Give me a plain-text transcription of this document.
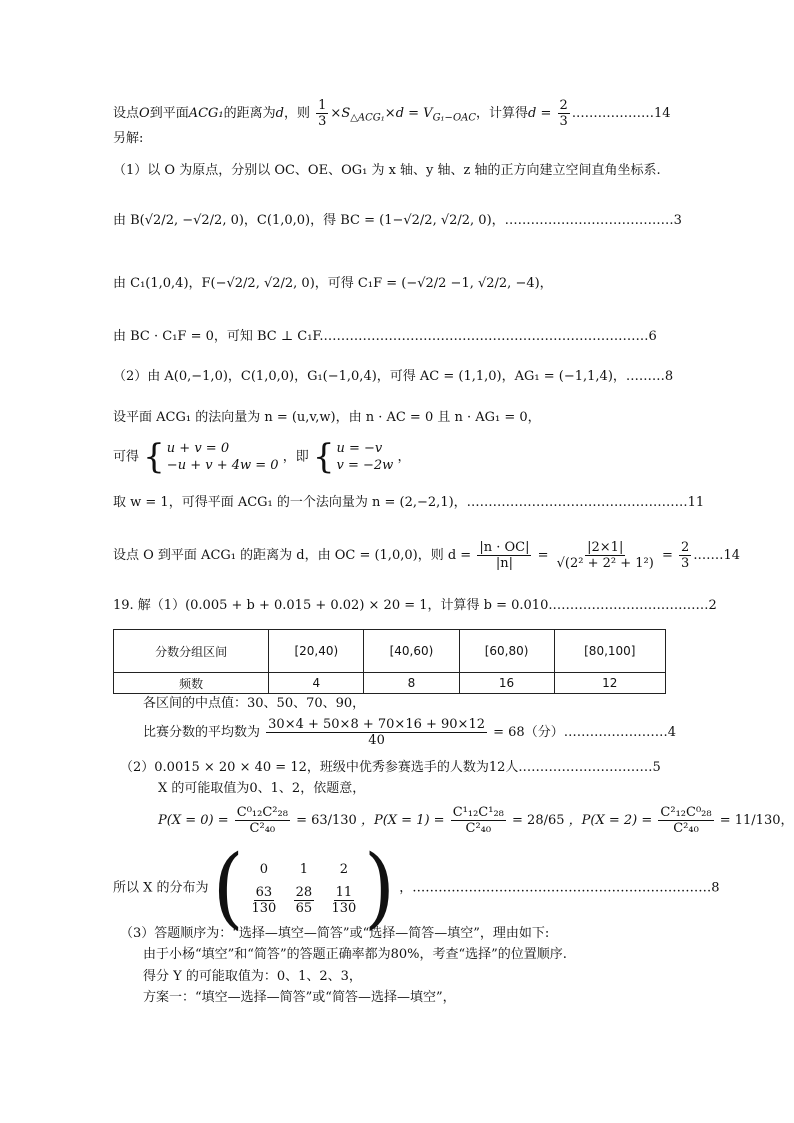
设点O到平面ACG₁的距离为d，则 $\frac{1}{3} \times S_{\triangle ACG_1}\times d = V_{G_1-OAC}$，计算得$d = \frac{2}{3}$ .………………14
另解:
（1）以 O 为原点，分别以 OC、OE、OG₁ 为 x 轴、y 轴、z 轴的正方向建立空间直角坐标系.
由 B(√2/2, −√2/2, 0)，C(1,0,0)，得 BC = (1−√2/2, √2/2, 0)，…………………………………3
由 C₁(1,0,4)，F(−√2/2, √2/2, 0)，可得 C₁F = (−√2/2 −1, √2/2, −4)，
由 BC · C₁F = 0，可知 BC ⊥ C₁F.…………………………………………………………………6
（2）由 A(0,−1,0)，C(1,0,0)，G₁(−1,0,4)，可得 AC = (1,1,0)，AG₁ = (−1,1,4)，………8
设平面 ACG₁ 的法向量为 n = (u,v,w)，由 n · AC = 0 且 n · AG₁ = 0，
可得 { u + v = 0
−u + v + 4w = 0
，即 { u = −v
v = −2w
，
取 w = 1，可得平面 ACG₁ 的一个法向量为 n = (2,−2,1)，……………………………………………11
设点 O 到平面 ACG₁ 的距离为 d，由 OC = (1,0,0)，则 $d = \frac{|n \cdot OC|}{|n|} = \frac{|2\times 1|}{\text{√(2² + 2² + 1²)}} = \frac{2}{3}$ .……14
19. 解（1）(0.005 + b + 0.015 + 0.02) × 20 = 1，计算得 b = 0.010.………………………………2
分数分组区间	[20,40)	[40,60)	[60,80)	[80,100]
频数	4	8	16	12
各区间的中点值：30、50、70、90，
比赛分数的平均数为 $\frac{30\times 4 + 50\times 8 + 70\times 16 + 90\times 12}{40} = 68$（分）……………………4
（2）0.0015 × 20 × 40 = 12，班级中优秀参赛选手的人数为12人.…………………………5
X 的可能取值为0、1、2，依题意，
$P(X = 0) = \frac{\text{C⁰₁₂C²₂₈}}{\text{C²₄₀}} = 63/130$ ，$P(X = 1) = \frac{\text{C¹₁₂C¹₂₈}}{\text{C²₄₀}} = 28/65$ ，$P(X = 2) = \frac{\text{C²₁₂C⁰₂₈}}{\text{C²₄₀}} = 11/130$，
所以 X 的分布为 (	0	1	2
$\frac{63}{130} \frac{28}{65} \frac{11}{130}$ ) ，……………………………………………………………8
（3）答题顺序为：“选择—填空—简答”或“选择—简答—填空”，理由如下:
由于小杨“填空”和“简答”的答题正确率都为80%，考查“选择”的位置顺序.
得分 Y 的可能取值为：0、1、2、3，
方案一：“填空—选择—简答”或“简答—选择—填空”，
